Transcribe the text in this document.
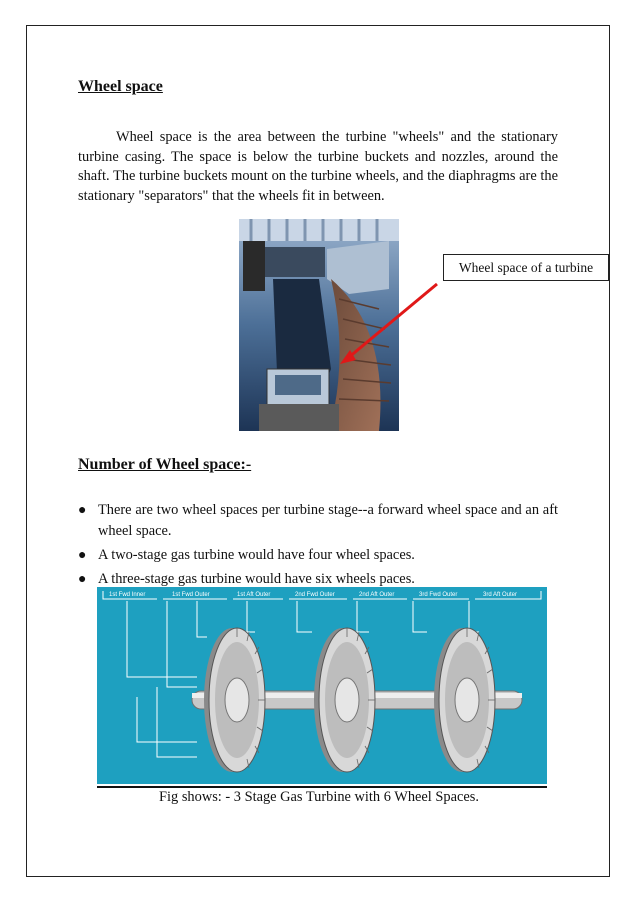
Wheel space
Wheel space is the area between the turbine "wheels" and the stationary turbine casing. The space is below the turbine buckets and nozzles, around the shaft. The turbine buckets mount on the turbine wheels, and the diaphragms are the stationary "separators" that the wheels fit in between.
Wheel space of a turbine
Number of Wheel space:-
● There are two wheel spaces per turbine stage--a forward wheel space and an aft wheel space.
● A two-stage gas turbine would have four wheel spaces.
● A three-stage gas turbine would have six wheels paces.
1st Fwd Inner	1st Fwd Outer	1st Aft Outer	2nd Fwd Outer	2nd Aft Outer	3rd Fwd Outer	3rd Aft Outer
Fig shows: - 3 Stage Gas Turbine with 6 Wheel Spaces.
